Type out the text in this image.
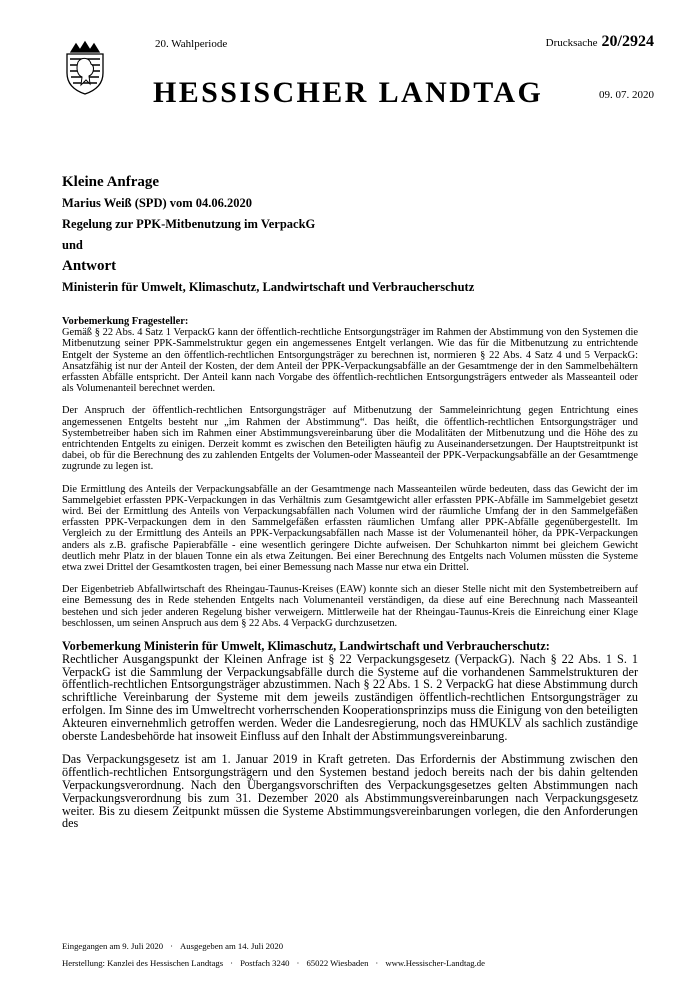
20. Wahlperiode	Drucksache 20/2924
HESSISCHER LANDTAG	09. 07. 2020
Kleine Anfrage
Marius Weiß (SPD) vom 04.06.2020
Regelung zur PPK-Mitbenutzung im VerpackG
und
Antwort
Ministerin für Umwelt, Klimaschutz, Landwirtschaft und Verbraucherschutz
Vorbemerkung Fragesteller:

Gemäß § 22 Abs. 4 Satz 1 VerpackG kann der öffentlich-rechtliche Entsorgungsträger im Rahmen der Abstimmung von den Systemen die Mitbenutzung seiner PPK-Sammelstruktur gegen ein angemessenes Entgelt verlangen. Wie das für die Mitbenutzung zu entrichtende Entgelt der Systeme an den öffentlich-rechtlichen Entsorgungsträger zu berechnen ist, normieren § 22 Abs. 4 Satz 4 und 5 VerpackG: Ansatzfähig ist nur der Anteil der Kosten, der dem Anteil der PPK-Verpackungsabfälle an der Gesamtmenge der in den Sammelbehältern erfassten Abfälle entspricht. Der Anteil kann nach Vorgabe des öffentlich-rechtlichen Entsorgungsträgers entweder als Masseanteil oder als Volumenanteil berechnet werden.

Der Anspruch der öffentlich-rechtlichen Entsorgungsträger auf Mitbenutzung der Sammeleinrichtung gegen Entrichtung eines angemessenen Entgelts besteht nur „im Rahmen der Abstimmung“. Das heißt, die öffentlich-rechtlichen Entsorgungsträger und Systembetreiber haben sich im Rahmen einer Abstimmungsvereinbarung über die Modalitäten der Mitbenutzung und die Höhe des zu entrichtenden Entgelts zu einigen. Derzeit kommt es zwischen den Beteiligten häufig zu Auseinandersetzungen. Der Hauptstreitpunkt ist dabei, ob für die Berechnung des zu zahlenden Entgelts der Volumen-oder Masseanteil der PPK-Verpackungsabfälle an der Gesamtmenge zugrunde zu legen ist.

Die Ermittlung des Anteils der Verpackungsabfälle an der Gesamtmenge nach Masseanteilen würde bedeuten, dass das Gewicht der im Sammelgebiet erfassten PPK-Verpackungen in das Verhältnis zum Gesamtgewicht aller erfassten PPK-Abfälle im Sammelgebiet gesetzt wird. Bei der Ermittlung des Anteils von Verpackungsabfällen nach Volumen wird der räumliche Umfang der in den Sammelgefäßen erfassten PPK-Verpackungen dem in den Sammelgefäßen erfassten räumlichen Umfang aller PPK-Abfälle gegenübergestellt. Im Vergleich zu der Ermittlung des Anteils an PPK-Verpackungsabfällen nach Masse ist der Volumenanteil höher, da PPK-Verpackungen anders als z.B. grafische Papierabfälle - eine wesentlich geringere Dichte aufweisen. Der Schuhkarton nimmt bei gleichem Gewicht deutlich mehr Platz in der blauen Tonne ein als etwa Zeitungen. Bei einer Berechnung des Entgelts nach Volumen müssten die Systeme etwa zwei Drittel der Gesamtkosten tragen, bei einer Bemessung nach Masse nur etwa ein Drittel.

Der Eigenbetrieb Abfallwirtschaft des Rheingau-Taunus-Kreises (EAW) konnte sich an dieser Stelle nicht mit den Systembetreibern auf eine Bemessung des in Rede stehenden Entgelts nach Volumenanteil verständigen, da diese auf eine Berechnung nach Masseanteil bestehen und sich jeder anderen Regelung bisher verweigern. Mittlerweile hat der Rheingau-Taunus-Kreis die Einreichung einer Klage beschlossen, um seinen Anspruch aus dem § 22 Abs. 4 VerpackG durchzusetzen.

Vorbemerkung Ministerin für Umwelt, Klimaschutz, Landwirtschaft und Verbraucherschutz:

Rechtlicher Ausgangspunkt der Kleinen Anfrage ist § 22 Verpackungsgesetz (VerpackG). Nach § 22 Abs. 1 S. 1 VerpackG ist die Sammlung der Verpackungsabfälle durch die Systeme auf die vorhandenen Sammelstrukturen der öffentlich-rechtlichen Entsorgungsträger abzustimmen. Nach § 22 Abs. 1 S. 2 VerpackG hat diese Abstimmung durch schriftliche Vereinbarung der Systeme mit dem jeweils zuständigen öffentlich-rechtlichen Entsorgungsträger zu erfolgen. Im Sinne des im Umweltrecht vorherrschenden Kooperationsprinzips muss die Einigung von den beteiligten Akteuren einvernehmlich getroffen werden. Weder die Landesregierung, noch das HMUKLV als sachlich zuständige oberste Landesbehörde hat insoweit Einfluss auf den Inhalt der Abstimmungsvereinbarung.

Das Verpackungsgesetz ist am 1. Januar 2019 in Kraft getreten. Das Erfordernis der Abstimmung zwischen den öffentlich-rechtlichen Entsorgungsträgern und den Systemen bestand jedoch bereits nach der bis dahin geltenden Verpackungsverordnung. Nach den Übergangsvorschriften des Verpackungsgesetzes gelten Abstimmungen nach Verpackungsverordnung bis zum 31. Dezember 2020 als Abstimmungsvereinbarungen nach Verpackungsgesetz weiter. Bis zu diesem Zeitpunkt müssen die Systeme Abstimmungsvereinbarungen vorlegen, die den Anforderungen des

Eingegangen am 9. Juli 2020 · Ausgegeben am 14. Juli 2020
Herstellung: Kanzlei des Hessischen Landtags · Postfach 3240 · 65022 Wiesbaden · www.Hessischer-Landtag.de
